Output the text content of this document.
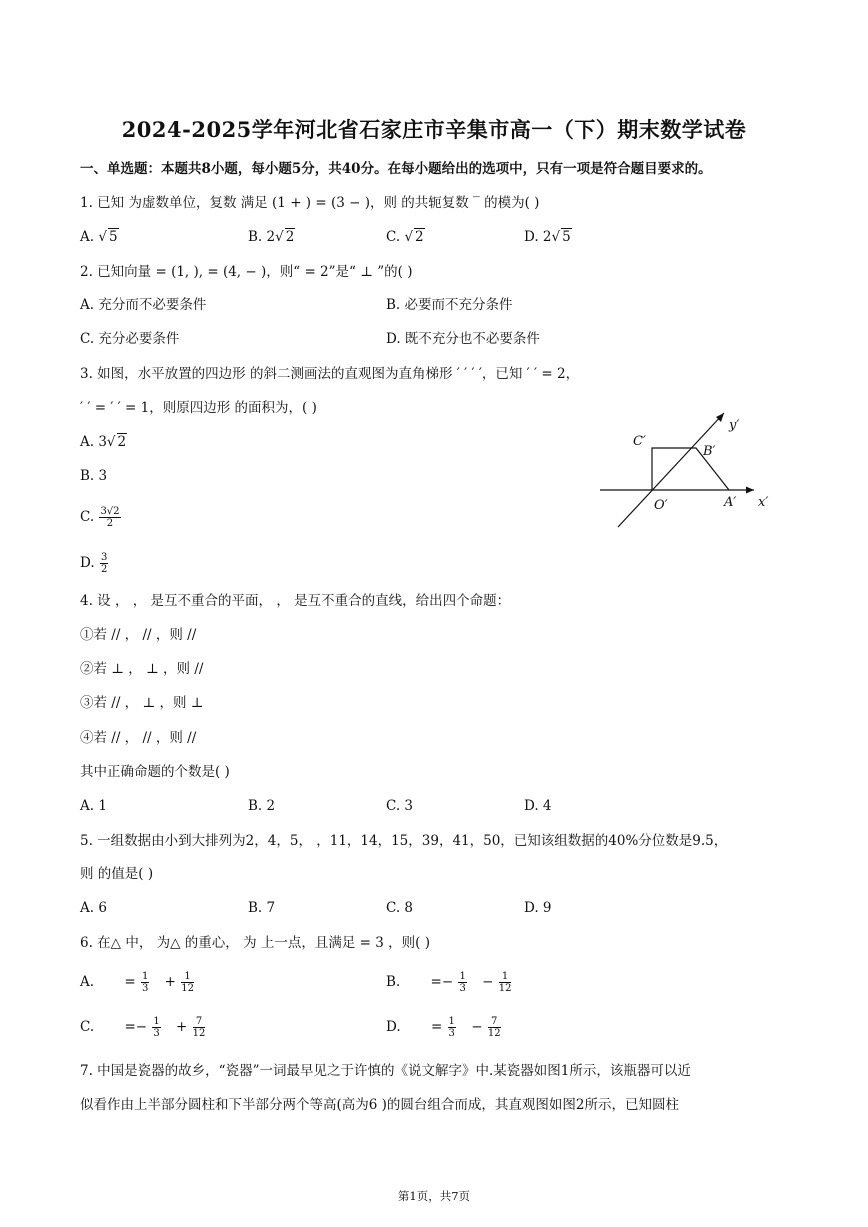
2024-2025学年河北省石家庄市辛集市高一（下）期末数学试卷
一、单选题：本题共8小题，每小题5分，共40分。在每小题给出的选项中，只有一项是符合题目要求的。
1. 已知 为虚数单位，复数 满足 (1 + ) = (3 − )，则 的共轭复数 ‾ 的模为( )
A. √ 5	B. 2√ 2	C. √ 2	D. 2√ 5
2. 已知向量 = (1, ), = (4, − )，则“ = 2”是“ ⊥ ”的( )
A. 充分而不必要条件	B. 必要而不充分条件
C. 充分必要条件	D. 既不充分也不必要条件
3. 如图，水平放置的四边形 的斜二测画法的直观图为直角梯形 ′ ′ ′ ′，已知 ′ ′ = 2，
′ ′ = ′ ′ = 1，则原四边形 的面积为，( )
A. 3√ 2
B. 3
C. $\frac{3√2}{2}$
D. $\frac{3}{2}$
C′
B′
y′
O′	A′ x′
4. 设 ， ， 是互不重合的平面， ， 是互不重合的直线，给出四个命题：
①若 // ， // ，则 //
②若 ⊥ ， ⊥ ，则 //
③若 // ， ⊥ ，则 ⊥
④若 // ， // ，则 //
其中正确命题的个数是( )
A. 1	B. 2	C. 3	D. 4
5. 一组数据由小到大排列为2，4，5， ，11，14，15，39，41，50，已知该组数据的40%分位数是9.5，
则 的值是( )
A. 6	B. 7	C. 8	D. 9
6. 在△ 中， 为△ 的重心， 为 上一点，且满足 = 3 ，则( )
A. = $\frac{1}{3} + \frac{1}{12}$	B. =− $\frac{1}{3} - \frac{1}{12}$
C. =− $\frac{1}{3} + \frac{7}{12}$	D. = $\frac{1}{3} - \frac{7}{12}$
7. 中国是瓷器的故乡，“瓷器”一词最早见之于许慎的《说文解字》中.某瓷器如图1所示，该瓶器可以近
似看作由上半部分圆柱和下半部分两个等高(高为6 )的圆台组合而成，其直观图如图2所示，已知圆柱
第1页，共7页
